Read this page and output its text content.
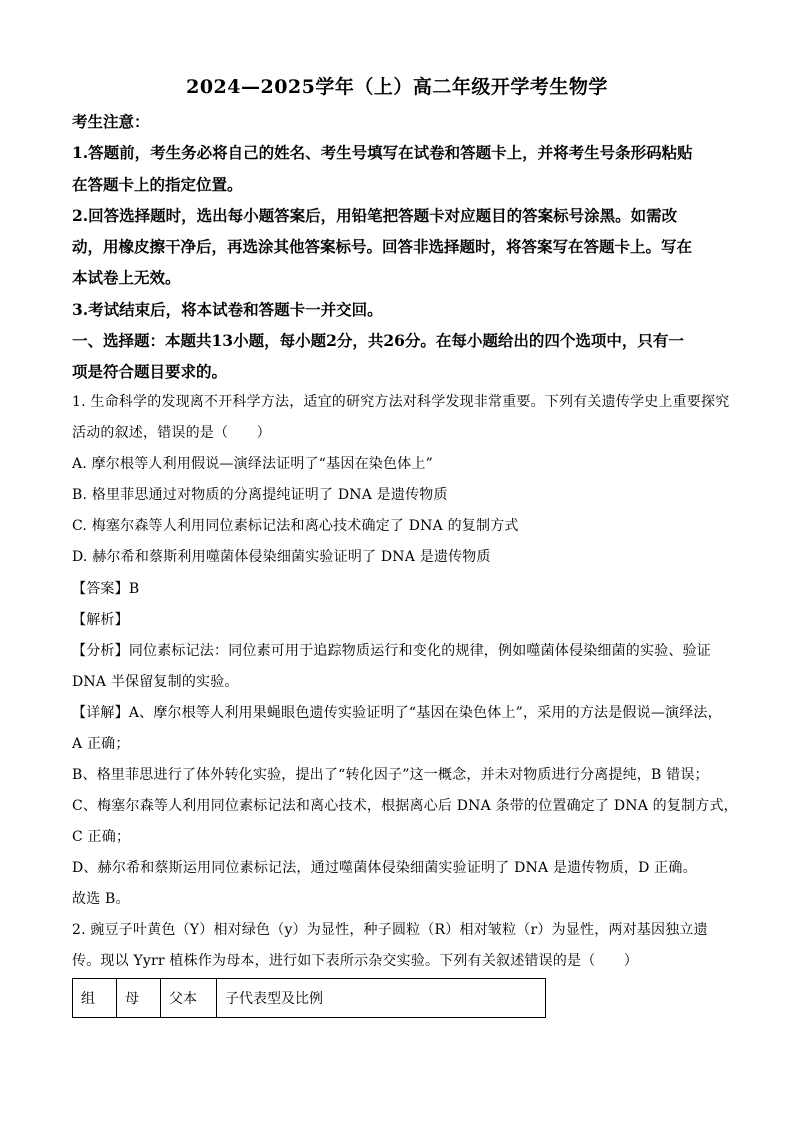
2024—2025学年（上）高二年级开学考生物学
考生注意：
1.答题前，考生务必将自己的姓名、考生号填写在试卷和答题卡上，并将考生号条形码粘贴
在答题卡上的指定位置。
2.回答选择题时，选出每小题答案后，用铅笔把答题卡对应题目的答案标号涂黑。如需改
动，用橡皮擦干净后，再选涂其他答案标号。回答非选择题时，将答案写在答题卡上。写在
本试卷上无效。
3.考试结束后，将本试卷和答题卡一并交回。
一、选择题：本题共13小题，每小题2分，共26分。在每小题给出的四个选项中，只有一
项是符合题目要求的。
1. 生命科学的发现离不开科学方法，适宜的研究方法对科学发现非常重要。下列有关遗传学史上重要探究
活动的叙述，错误的是（　　）
A. 摩尔根等人利用假说—演绎法证明了“基因在染色体上”
B. 格里菲思通过对物质的分离提纯证明了 DNA 是遗传物质
C. 梅塞尔森等人利用同位素标记法和离心技术确定了 DNA 的复制方式
D. 赫尔希和蔡斯利用噬菌体侵染细菌实验证明了 DNA 是遗传物质
【答案】B
【解析】
【分析】同位素标记法：同位素可用于追踪物质运行和变化的规律，例如噬菌体侵染细菌的实验、验证
DNA 半保留复制的实验。
【详解】A、摩尔根等人利用果蝇眼色遗传实验证明了“基因在染色体上”，采用的方法是假说—演绎法，
A 正确；
B、格里菲思进行了体外转化实验，提出了“转化因子”这一概念，并未对物质进行分离提纯，B 错误；
C、梅塞尔森等人利用同位素标记法和离心技术，根据离心后 DNA 条带的位置确定了 DNA 的复制方式，
C 正确；
D、赫尔希和蔡斯运用同位素标记法，通过噬菌体侵染细菌实验证明了 DNA 是遗传物质，D 正确。
故选 B。
2. 豌豆子叶黄色（Y）相对绿色（y）为显性，种子圆粒（R）相对皱粒（r）为显性，两对基因独立遗
传。现以 Yyrr 植株作为母本，进行如下表所示杂交实验。下列有关叙述错误的是（　　）
组	母	父本	子代表型及比例
